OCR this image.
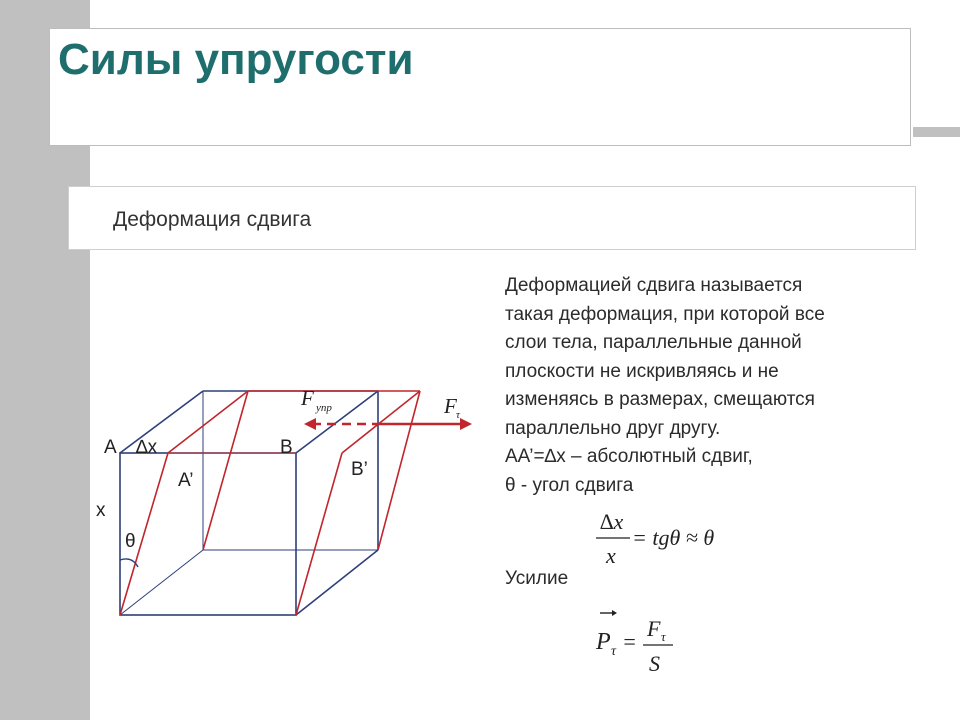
Силы упругости
Деформация сдвига
Деформацией сдвига называется
такая деформация, при которой все
слои тела, параллельные данной
плоскости не искривляясь и не
изменяясь в размерах, смещаются
параллельно друг другу.
АА’=∆x – абсолютный сдвиг,
θ - угол сдвига
∆x
x
= tgθ ≈ θ
Усилие
P τ =
F τ
S
A ∆x	B
A’
B’
x
θ
F упр	F τ
